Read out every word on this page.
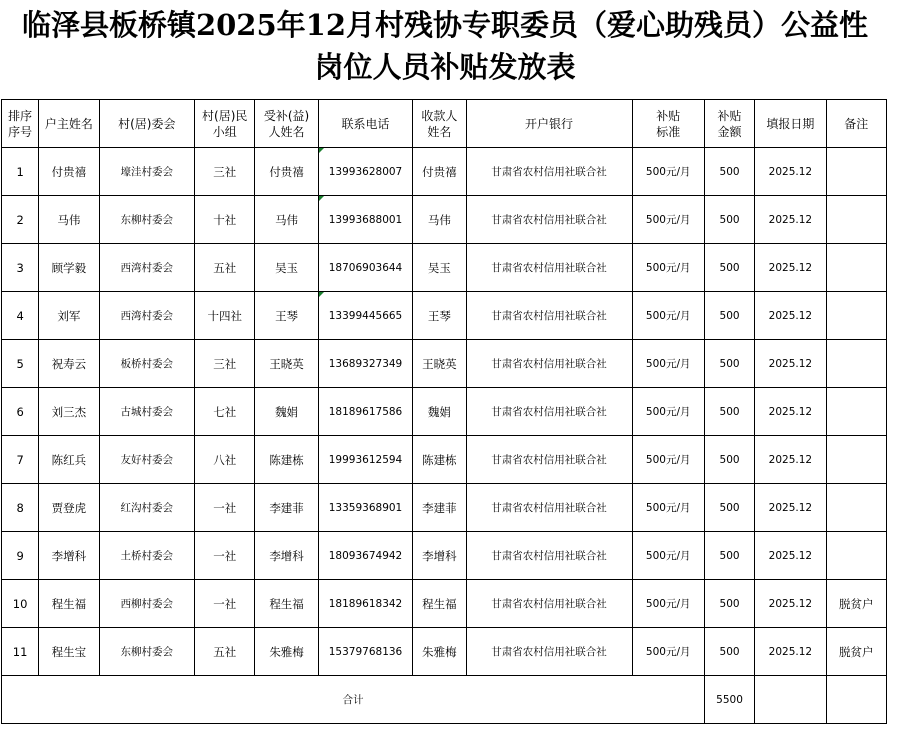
临泽县板桥镇2025年12月村残协专职委员（爱心助残员）公益性
岗位人员补贴发放表
排序序号	户主姓名	村(居)委会	村(居)民小组	受补(益)人姓名	联系电话	收款人姓名	开户银行	补贴标准	补贴金额	填报日期	备注
1	付贵禧	壕洼村委会	三社	付贵禧	13993628007	付贵禧	甘肃省农村信用社联合社	500元/月	500	2025.12	
2	马伟	东柳村委会	十社	马伟	13993688001	马伟	甘肃省农村信用社联合社	500元/月	500	2025.12	
3	顾学毅	西湾村委会	五社	吴玉	18706903644	吴玉	甘肃省农村信用社联合社	500元/月	500	2025.12	
4	刘军	西湾村委会	十四社	王琴	13399445665	王琴	甘肃省农村信用社联合社	500元/月	500	2025.12	
5	祝寿云	板桥村委会	三社	王晓英	13689327349	王晓英	甘肃省农村信用社联合社	500元/月	500	2025.12	
6	刘三杰	古城村委会	七社	魏娟	18189617586	魏娟	甘肃省农村信用社联合社	500元/月	500	2025.12	
7	陈红兵	友好村委会	八社	陈建栋	19993612594	陈建栋	甘肃省农村信用社联合社	500元/月	500	2025.12	
8	贾登虎	红沟村委会	一社	李建菲	13359368901	李建菲	甘肃省农村信用社联合社	500元/月	500	2025.12	
9	李增科	土桥村委会	一社	李增科	18093674942	李增科	甘肃省农村信用社联合社	500元/月	500	2025.12	
10	程生福	西柳村委会	一社	程生福	18189618342	程生福	甘肃省农村信用社联合社	500元/月	500	2025.12	脱贫户
11	程生宝	东柳村委会	五社	朱雅梅	15379768136	朱雅梅	甘肃省农村信用社联合社	500元/月	500	2025.12	脱贫户
合计									5500		
